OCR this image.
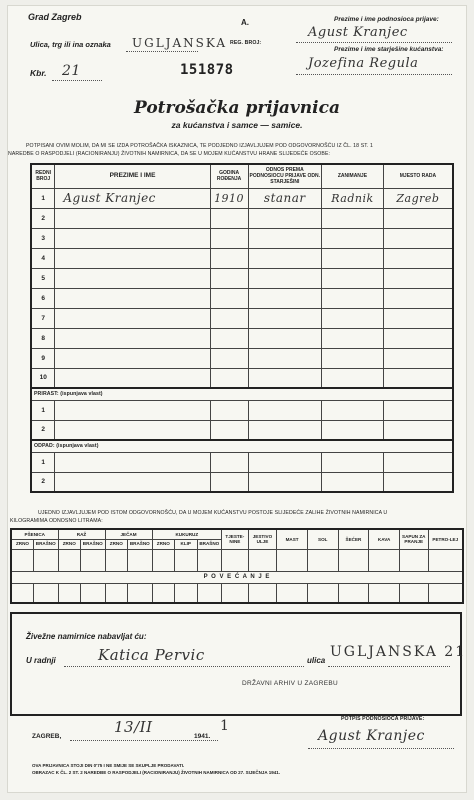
Grad Zagreb
Ulica, trg ili ina oznaka UGLJANSKA
Kbr. 21
A.
REG. BROJ:
151878
Prezime i ime podnosioca prijave:
Agust Kranjec
Prezime i ime starješine kućanstva:
Jozefina Regula
Potrošačka prijavnica
za kućanstva i samce — samice.
POTPISANI OVIM MOLIM, DA MI SE IZDA POTROŠAČKA ISKAZNICA, TE PODJEDNO IZJAVLJUJEM POD ODGOVORNOŠĆU IZ ČL. 18 ST. 1
NAREDBE O RASPODJELI (RACIONIRANJU) ŽIVOTNIH NAMIRNICA, DA SE U MOJEM KUĆANSTVU HRANE SLIJEDEĆE OSOBE:
REDNI BROJ	PREZIME I IME	GODINA ROĐENJA	ODNOS PREMA PODNOSIOCU PRIJAVE ODN. STARJEŠINI	ZANIMANJE	MJESTO RADA
1	Agust Kranjec	1910	stanar	Radnik	Zagreb
2					
3					
4					
5					
6					
7					
8					
9					
10					
PRIRAST: (ispunjava vlast)					
1					
2					
ODPAD: (ispunjava vlast)					
1					
2					
UJEDNO IZJAVLJUJEM POD ISTOM ODGOVORNOŠĆU, DA U MOJEM KUĆANSTVU POSTOJE SLIJEDEĆE ZALIHE ŽIVOTNIH NAMIRNICA U
KILOGRAMIMA ODNOSNO LITRAMA:
PŠENICA		RAŽ		JEČAM		KUKURUZ			TJESTE-NINE	JESTIVO ULJE	MAST	SOL	ŠEĆER	KAVA	SAPUN ZA PRANJE	PETRO-LEJ
ZRNO	BRAŠNO	ZRNO	BRAŠNO	ZRNO	BRAŠNO	ZRNO	KLIP	BRAŠNO								

P O V E Ć A N J E																

Živežne namirnice nabavljat ću:
U radnji	Katica Pervic	ulica
UGLJANSKA 21
DRŽAVNI ARHIV U ZAGREBU
ZAGREB,
13/II
1941.
1	POTPIS PODNOSIOCA PRIJAVE:
Agust Kranjec
OVA PRIJAVNICA STOJI DIN 0'75 I NE SMIJE SE SKUPLJE PRODAVATI.
OBRAZAC K ČL. 2 ST. 2 NAREDBE O RASPODJELI (RACIONIRANJU) ŽIVOTNIH NAMIRNICA OD 27. SIJEČNJA 1941.
